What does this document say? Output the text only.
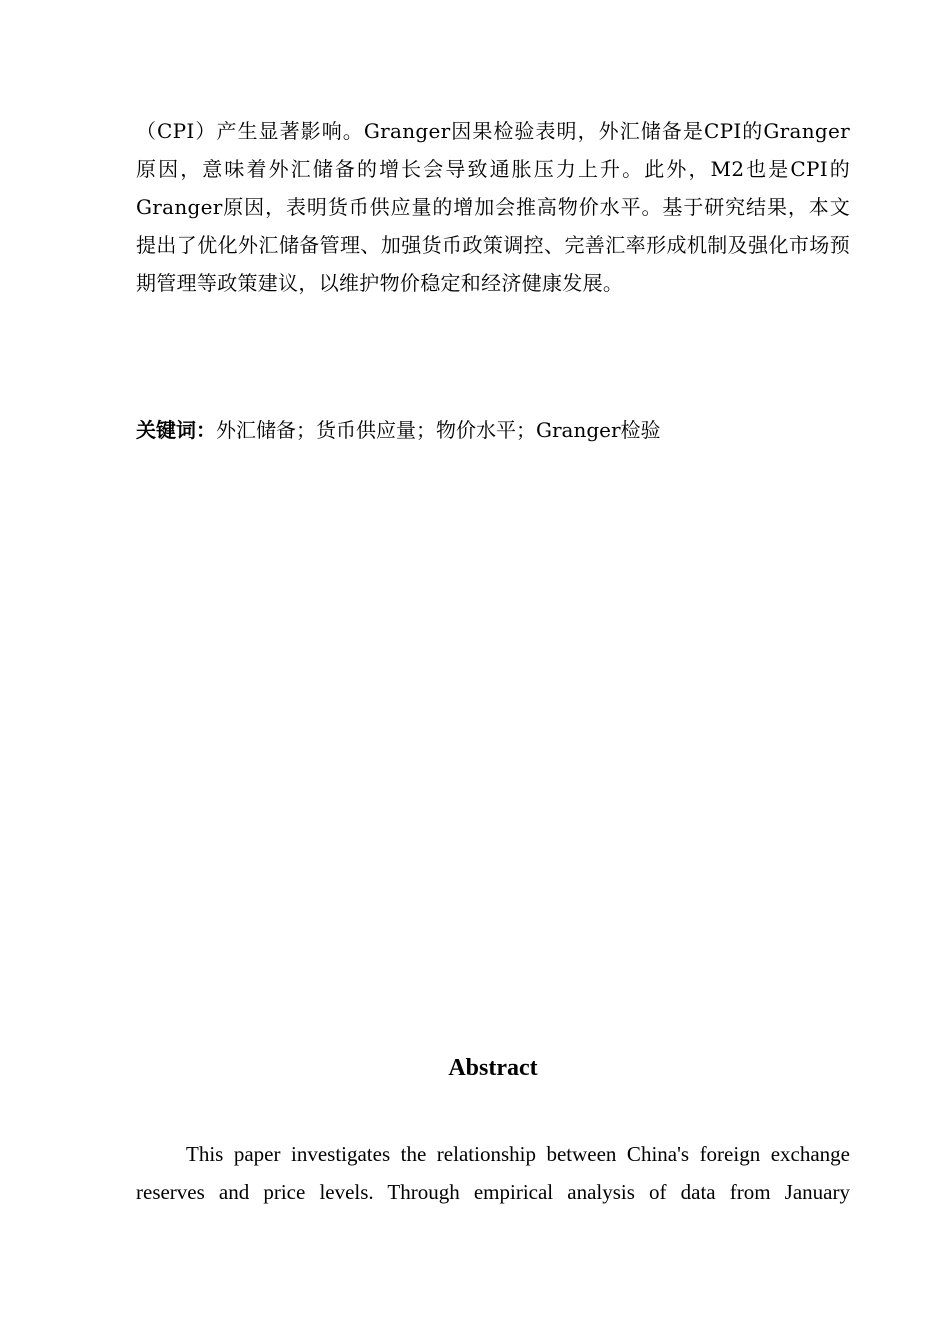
（CPI）产生显著影响。Granger因果检验表明，外汇储备是CPI的Granger原因，意味着外汇储备的增长会导致通胀压力上升。此外，M2也是CPI的Granger原因，表明货币供应量的增加会推高物价水平。基于研究结果，本文提出了优化外汇储备管理、加强货币政策调控、完善汇率形成机制及强化市场预期管理等政策建议，以维护物价稳定和经济健康发展。

关键词：外汇储备；货币供应量；物价水平；Granger检验

Abstract

This paper investigates the relationship between China's foreign exchange reserves and price levels. Through empirical analysis of data from January
